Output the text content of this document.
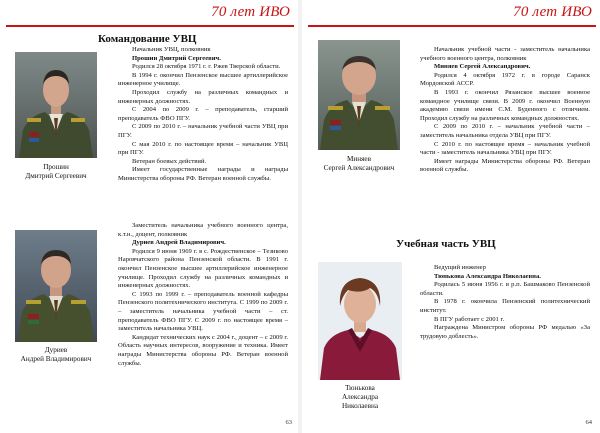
70 лет ИВО
Командование УВЦ
Прошин
Дмитрий Сергеевич

Начальник УВЦ, полковник

Прошин Дмитрий Сергеевич.

Родился 28 октября 1971 г. г. Ржев Тверской области.

В 1994 г. окончил Пензенское высшее артиллерийское инженерное училище.

Проходил службу на различных командных и инженерных должностях.

С 2004 по 2009 г. – преподаватель, старший преподаватель ФВО ПГУ.

С 2009 по 2010 г. – начальник учебной части УВЦ при ПГУ.

С мая 2010 г. по настоящее время – начальник УВЦ при ПГУ.

Ветеран боевых действий.

Имеет государственные награды и награды Министерства обороны РФ. Ветеран военной службы.

Дуриев
Андрей Владимирович

Заместитель начальника учебного военного центра, к.т.н., доцент, полковник

Дуриев Андрей Владимирович.

Родился 9 июня 1969 г. в с. Рождественское – Тезиково Наровчатского района Пензенской области. В 1991 г. окончил Пензенское высшее артиллерийское инженерное училище. Проходил службу на различных командных и инженерных должностях.

С 1993 по 1999 г. – преподаватель военной кафедры Пензенского политехнического института. С 1999 по 2009 г. – заместитель начальника учебной части – ст. преподаватель ФВО ПГУ. С 2009 г. по настоящее время – заместитель начальника УВЦ.

Кандидат технических наук с 2004 г., доцент – с 2009 г. Область научных интересов, вооружение и техника. Имеет награды Министерства обороны РФ. Ветеран военной службы.

63
70 лет ИВО
Миняев
Сергей Александрович

Начальник учебной части - заместитель начальника учебного военного центра, полковник

Миняев Сергей Александрович.

Родился 4 октября 1972 г. в городе Саранск Мордовской АССР.

В 1993 г. окончил Рязанское высшее военное командное училище связи. В 2009 г. окончил Военную академию связи имени С.М. Буденного с отличием. Проходил службу на различных командных должностях.

С 2009 по 2010 г. – начальник учебной части – заместитель начальника отдела УВЦ при ПГУ.

С 2010 г. по настоящее время – начальник учебной части - заместитель начальника УВЦ при ПГУ.

Имеет награды Министерства обороны РФ. Ветеран военной службы.

Учебная часть УВЦ
Тюнькова
Александра
Николаевна

Ведущий инженер

Тюнькова Александра Николаевна.

Родилась 5 июня 1956 г. в р.п. Башмаково Пензенской области.

В 1978 г. окончила Пензенский политехнический институт.

В ПГУ работает с 2001 г.

Награждена Министром обороны РФ медалью «За трудовую доблесть».

64
